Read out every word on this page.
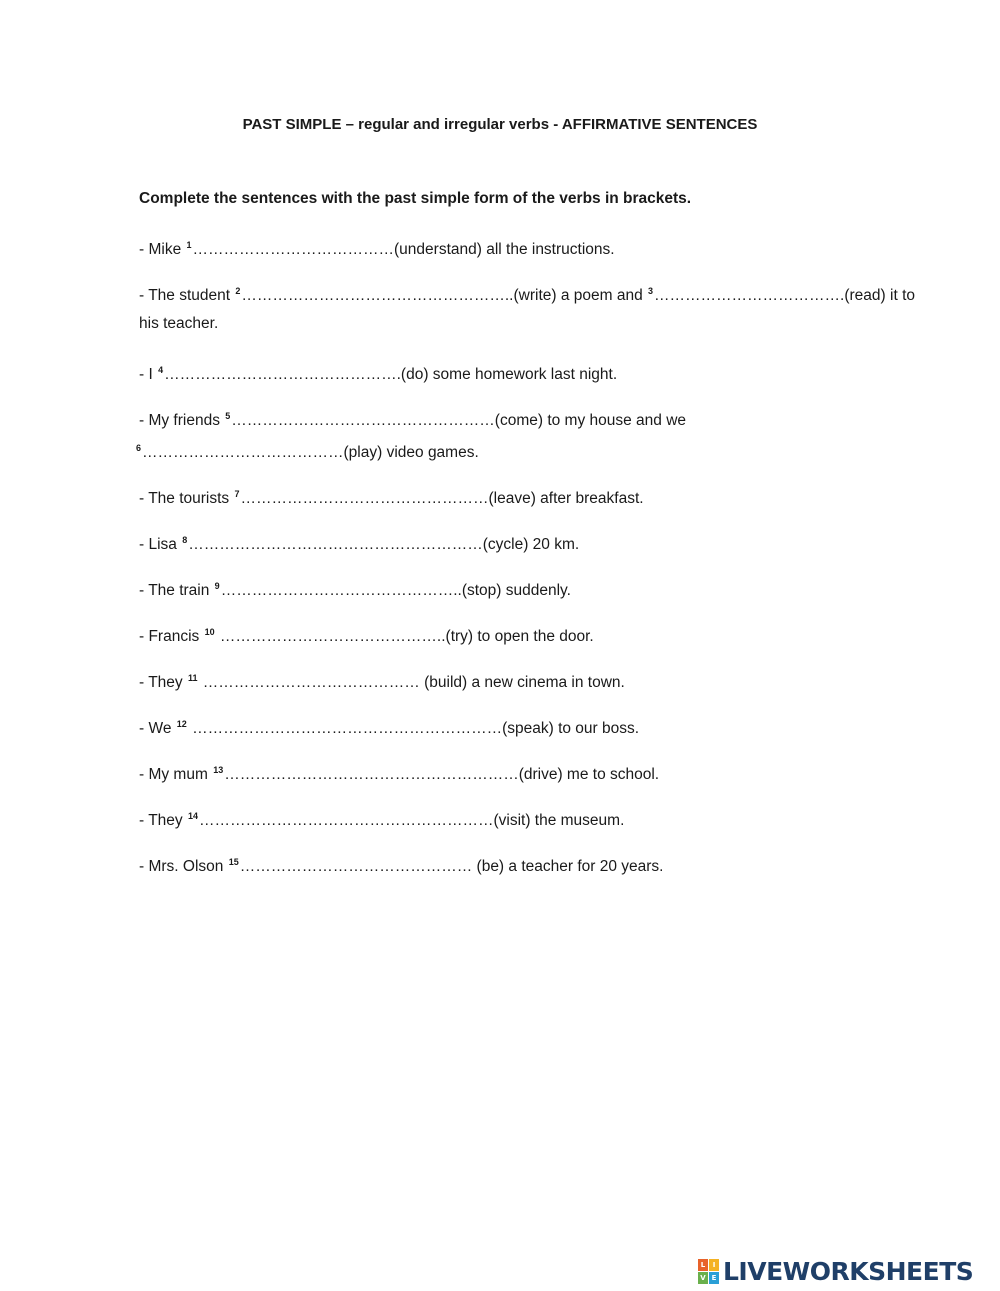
PAST SIMPLE – regular and irregular verbs - AFFIRMATIVE SENTENCES
Complete the sentences with the past simple form of the verbs in brackets.
- Mike $^1$…………………………………(understand) all the instructions.
- The student $^2$……………………………………………..(write) a poem and $^3$……………………………….(read) it to
his teacher.
- I $^4$……………………………………….(do) some homework last night.
- My friends $^5$……………………………………………(come) to my house and we
$^6$…………………………………(play) video games.
- The tourists $^7$…………………………………………(leave) after breakfast.
- Lisa $^8$…………………………………………………(cycle) 20 km.
- The train $^9$………………………………………..(stop) suddenly.
- Francis $^{10}$ ……………………………………..(try) to open the door.
- They $^{11}$ …………………………………… (build) a new cinema in town.
- We $^{12}$ ……………………………………………………(speak) to our boss.
- My mum $^{13}$…………………………………………………(drive) me to school.
- They $^{14}$…………………………………………………(visit) the museum.
- Mrs. Olson $^{15}$……………………………………… (be) a teacher for 20 years.
L	I
V E LIVEWORKSHEETS
